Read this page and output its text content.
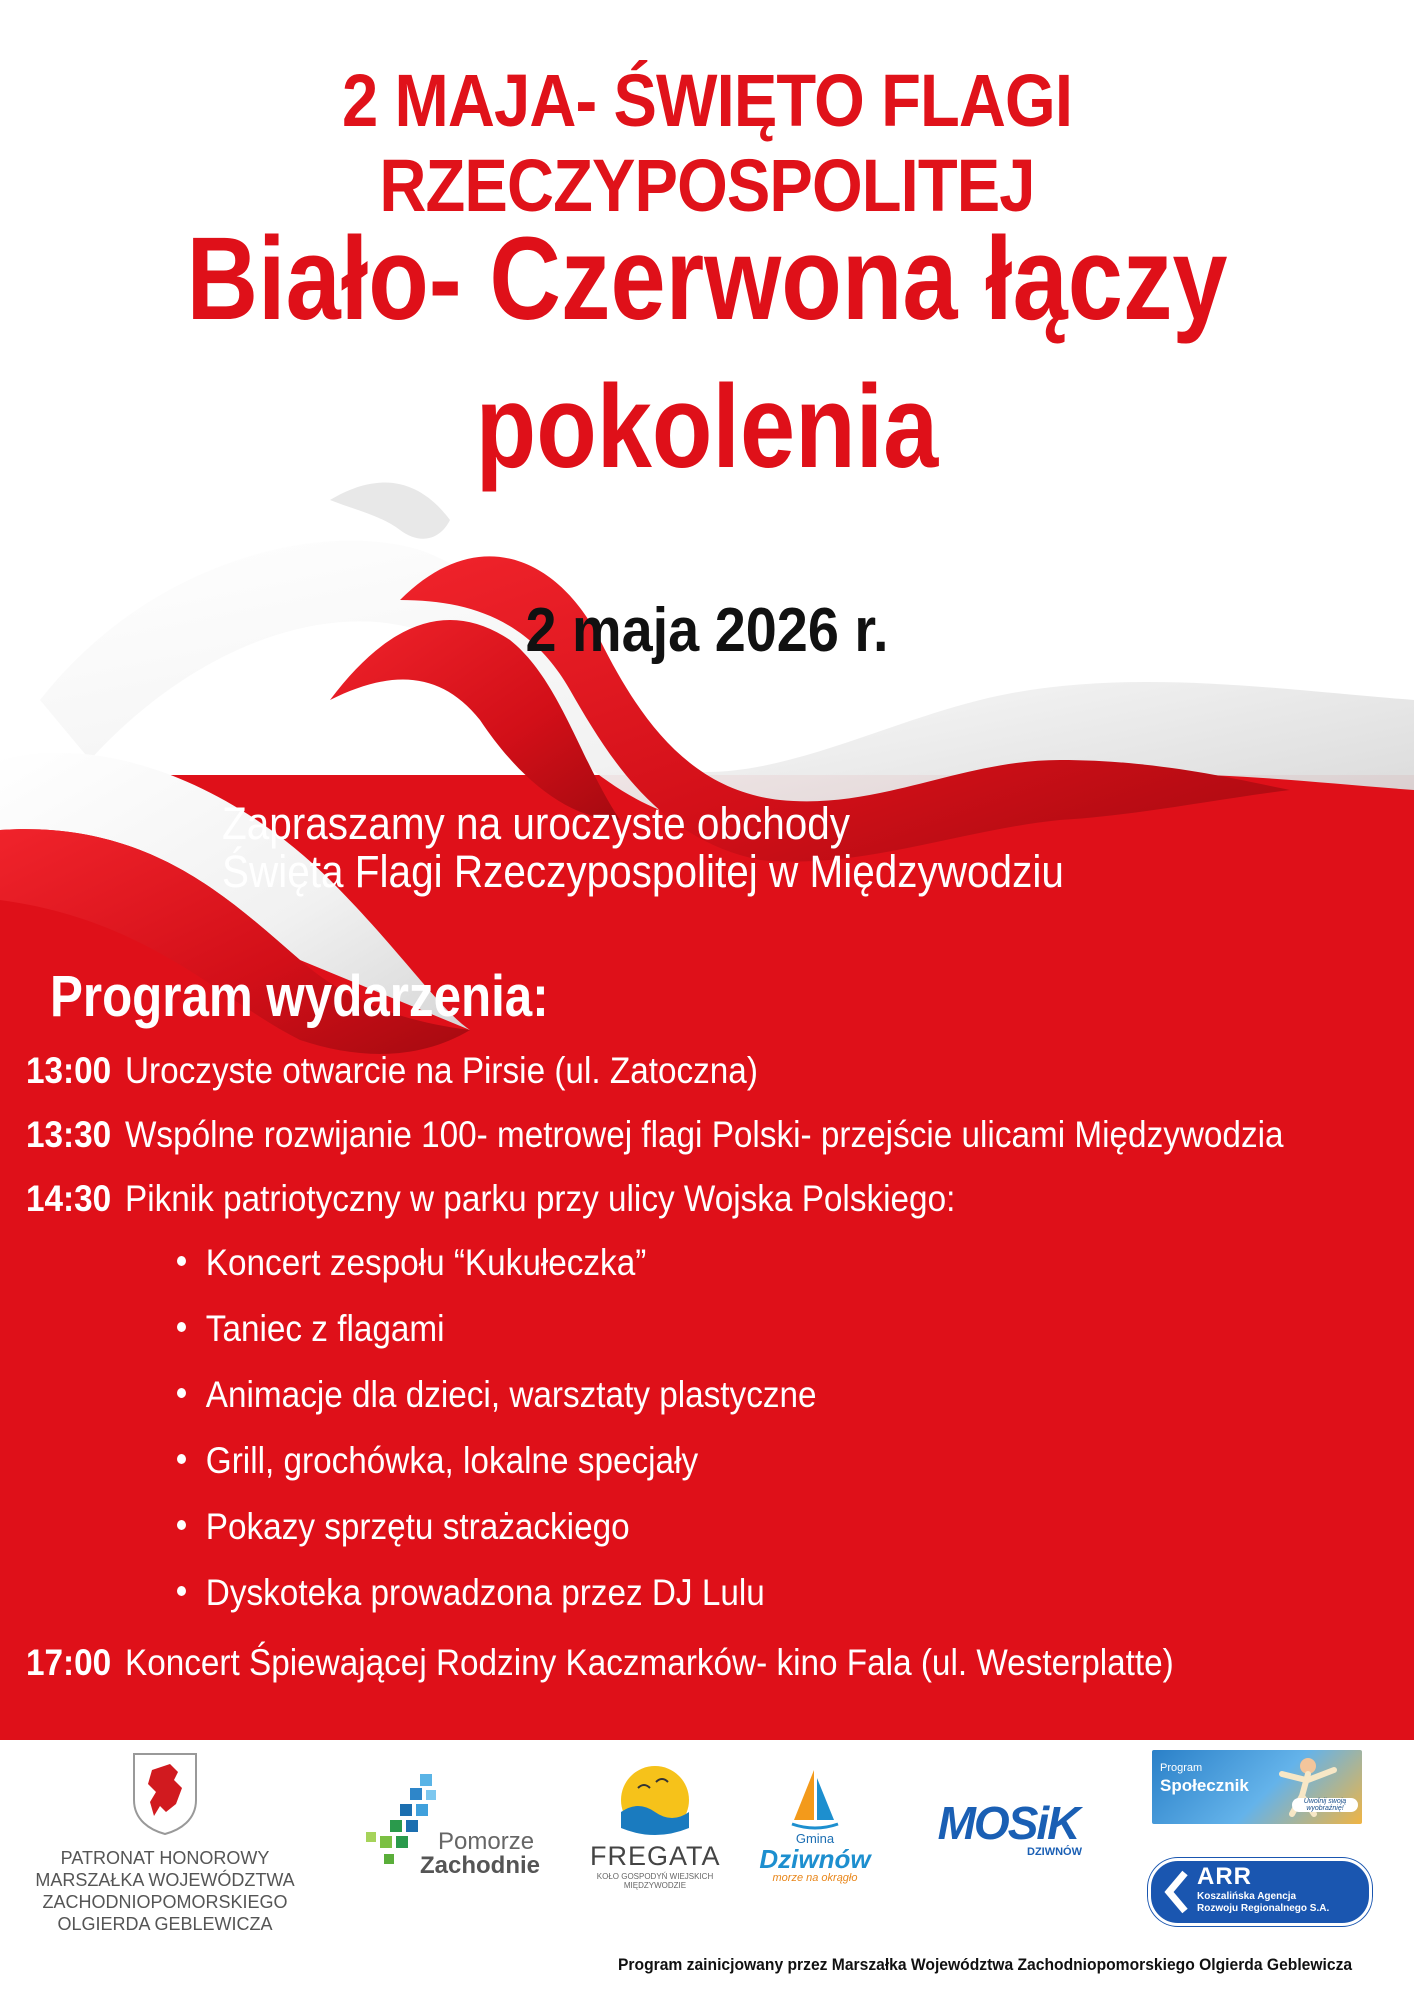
2 MAJA- ŚWIĘTO FLAGI RZECZYPOSPOLITEJ
Biało- Czerwona łączy
pokolenia
2 maja 2026 r.
Zapraszamy na uroczyste obchody
Święta Flagi Rzeczypospolitej w Międzywodziu
Program wydarzenia:
13:00 Uroczyste otwarcie na Pirsie (ul. Zatoczna)
13:30 Wspólne rozwijanie 100- metrowej flagi Polski- przejście ulicami Międzywodzia
14:30 Piknik patriotyczny w parku przy ulicy Wojska Polskiego:
17:00 Koncert Śpiewającej Rodziny Kaczmarków- kino Fala (ul. Westerplatte)
Koncert zespołu “Kukułeczka”
Taniec z flagami
Animacje dla dzieci, warsztaty plastyczne
Grill, grochówka, lokalne specjały
Pokazy sprzętu strażackiego
Dyskoteka prowadzona przez DJ Lulu
PATRONAT HONOROWY
MARSZAŁKA WOJEWÓDZTWA
ZACHODNIOPOMORSKIEGO
OLGIERDA GEBLEWICZA
Pomorze
Zachodnie FREGATA
KOŁO GOSPODYŃ WIEJSKICH
MIĘDZYWODZIE
Gmina
Dziwnów
morze na okrągło
MOSiK
DZIWNÓW
Program
Społecznik
Uwolnij swoją wyobraźnię!
ARR
Koszalińska Agencja
Rozwoju Regionalnego S.A.
Program zainicjowany przez Marszałka Województwa Zachodniopomorskiego Olgierda Geblewicza
